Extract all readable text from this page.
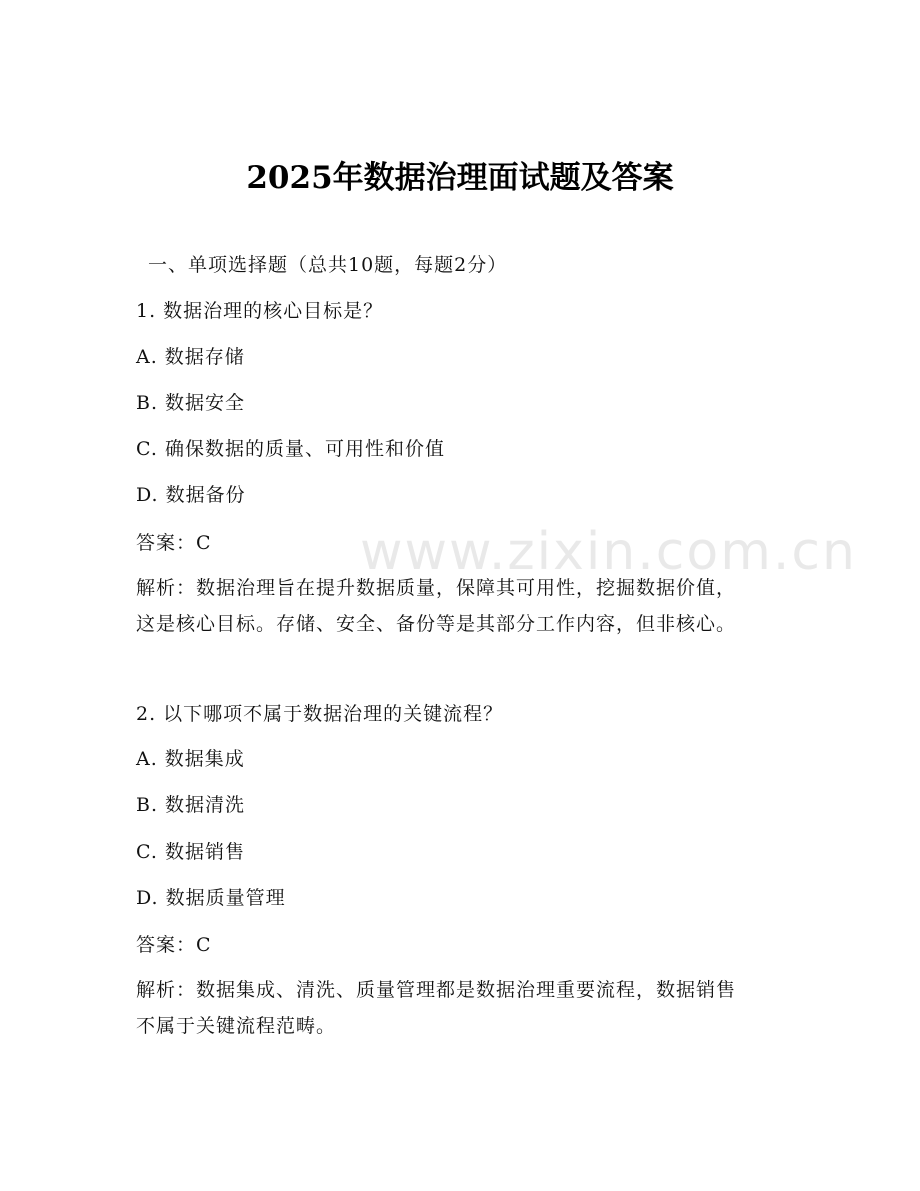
www.zixin.com.cn
2025年数据治理面试题及答案
一、单项选择题（总共10题，每题2分）
1. 数据治理的核心目标是？
A. 数据存储
B. 数据安全
C. 确保数据的质量、可用性和价值
D. 数据备份
答案：C
解析：数据治理旨在提升数据质量，保障其可用性，挖掘数据价值，
这是核心目标。存储、安全、备份等是其部分工作内容，但非核心。
2. 以下哪项不属于数据治理的关键流程？
A. 数据集成
B. 数据清洗
C. 数据销售
D. 数据质量管理
答案：C
解析：数据集成、清洗、质量管理都是数据治理重要流程，数据销售
不属于关键流程范畴。
